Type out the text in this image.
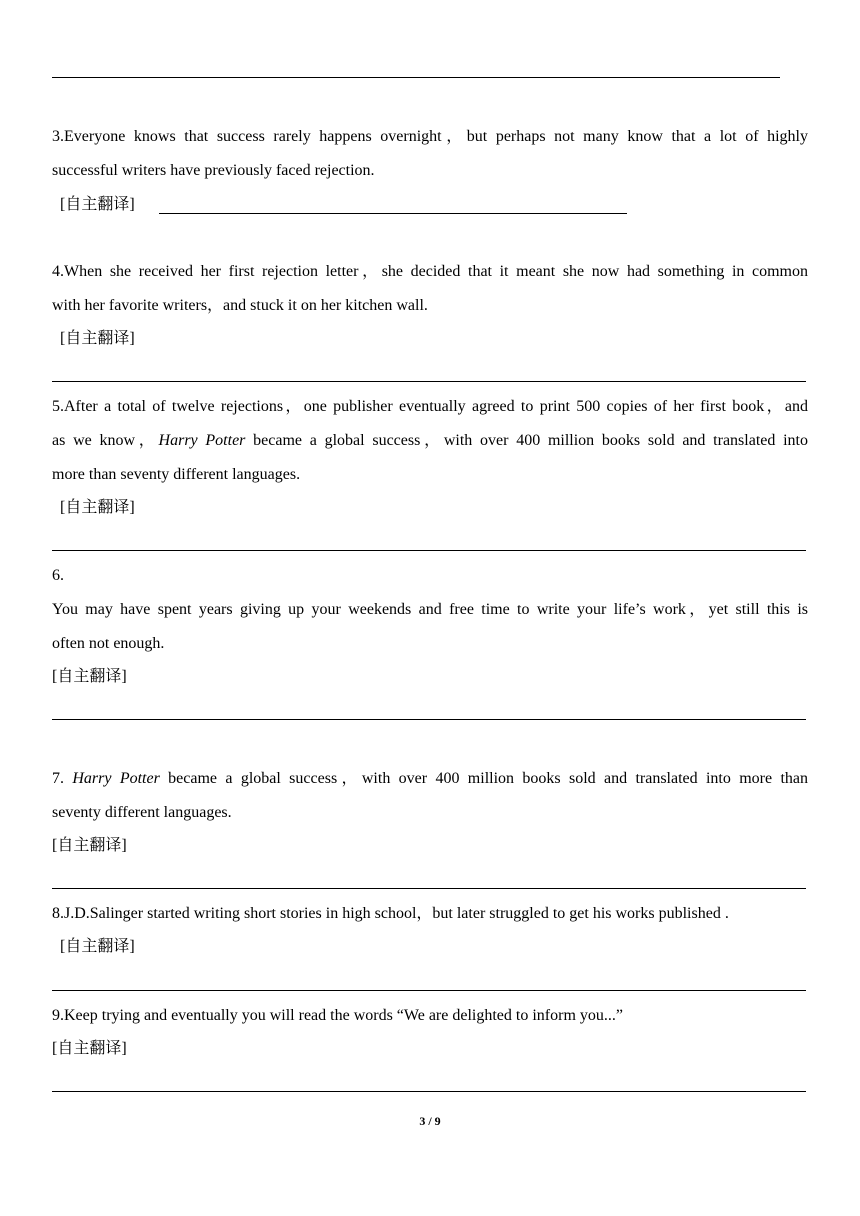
3.Everyone knows that success rarely happens overnight，but perhaps not many know that a lot of highly
successful writers have previously faced rejection.
[自主翻译]
4.When she received her first rejection letter，she decided that it meant she now had something in common
with her favorite writers，and stuck it on her kitchen wall.
[自主翻译]
5.After a total of twelve rejections，one publisher eventually agreed to print 500 copies of her first book，and
as we know，Harry Potter became a global success，with over 400 million books sold and translated into
more than seventy different languages.
[自主翻译]
6.
You may have spent years giving up your weekends and free time to write your life’s work，yet still this is
often not enough.
[自主翻译]
7. Harry Potter became a global success，with over 400 million books sold and translated into more than
seventy different languages.
[自主翻译]
8.J.D.Salinger started writing short stories in high school，but later struggled to get his works published .
[自主翻译]
9.Keep trying and eventually you will read the words “We are delighted to inform you...”
[自主翻译]
3 / 9
